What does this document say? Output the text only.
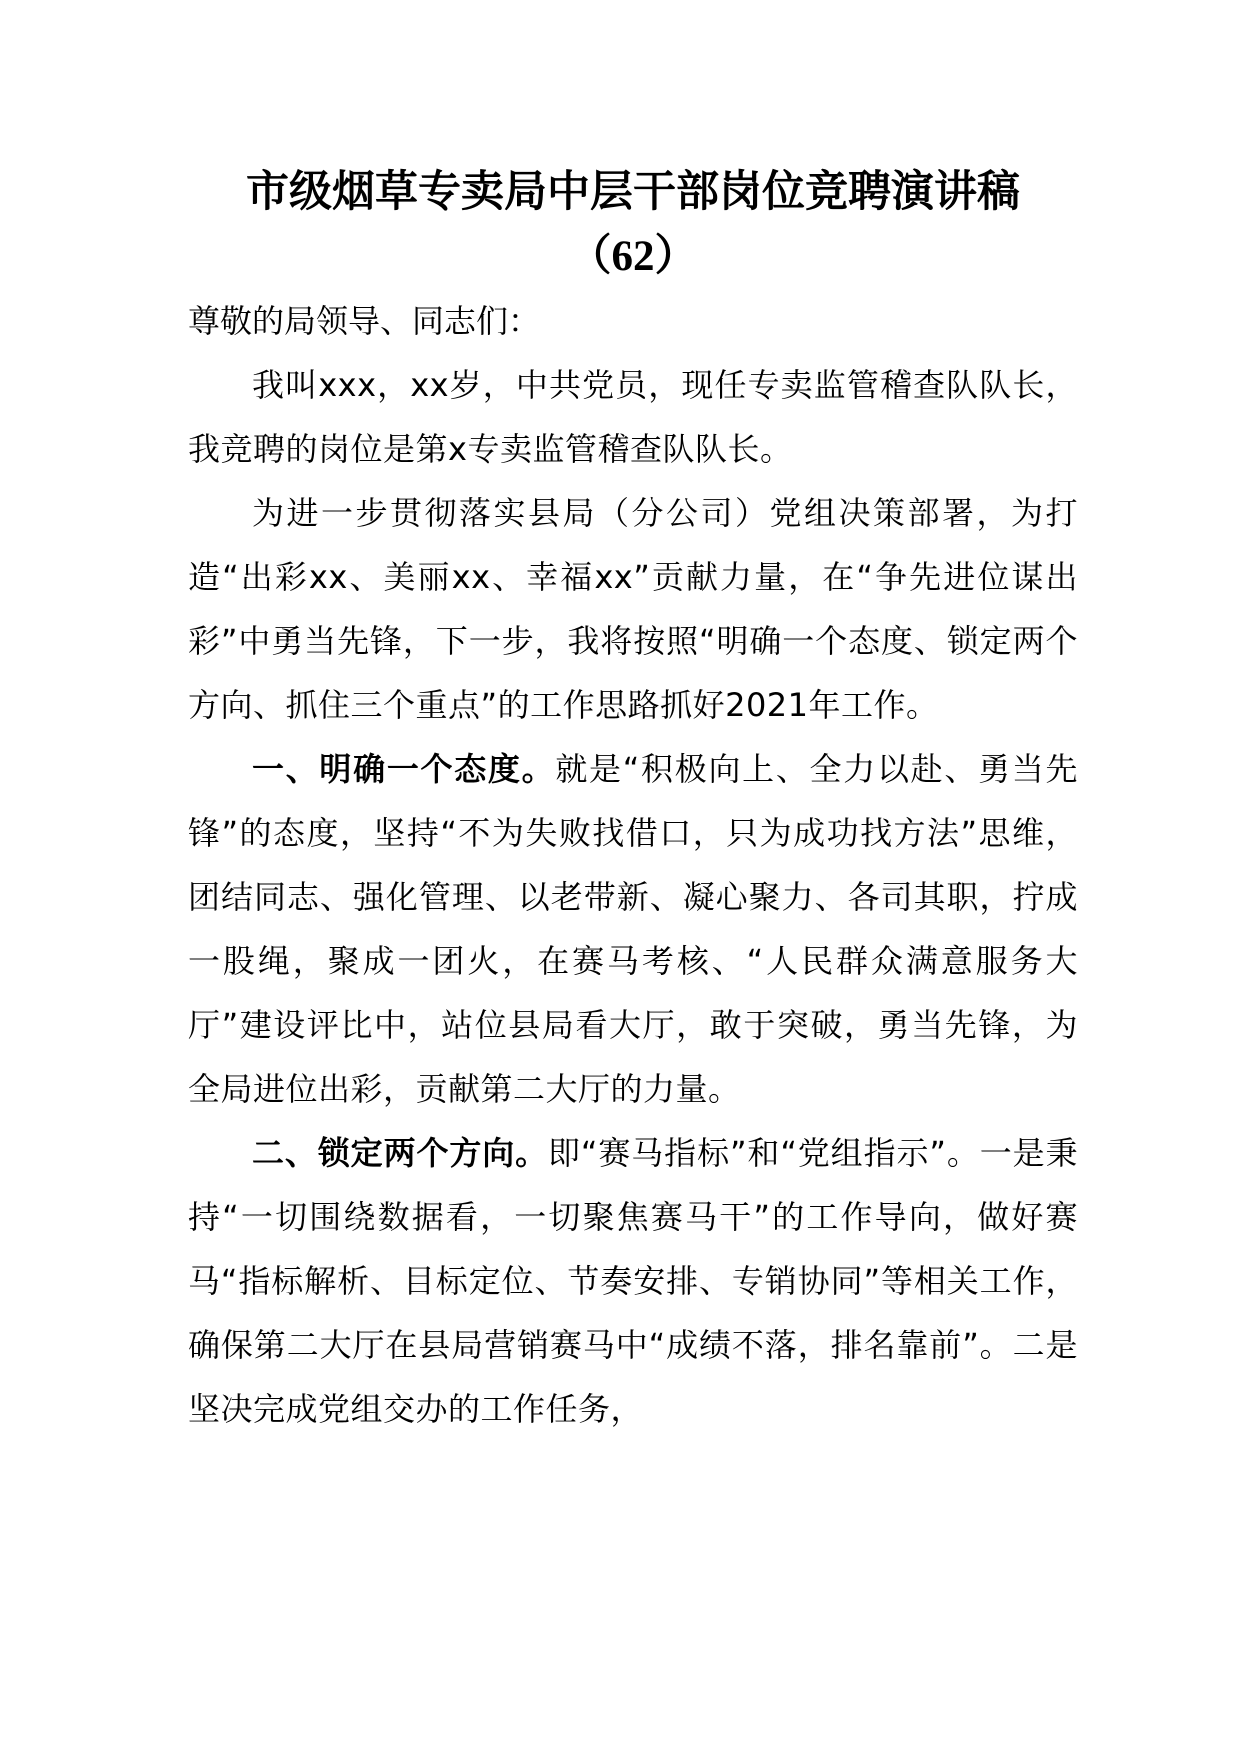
市级烟草专卖局中层干部岗位竞聘演讲稿
（62）

尊敬的局领导、同志们：

我叫xxx，xx岁，中共党员，现任专卖监管稽查队队长，我竞聘的岗位是第x专卖监管稽查队队长。

为进一步贯彻落实县局（分公司）党组决策部署，为打造“出彩xx、美丽xx、幸福xx”贡献力量，在“争先进位谋出彩”中勇当先锋，下一步，我将按照“明确一个态度、锁定两个方向、抓住三个重点”的工作思路抓好2021年工作。

一、明确一个态度。就是“积极向上、全力以赴、勇当先锋”的态度，坚持“不为失败找借口，只为成功找方法”思维，团结同志、强化管理、以老带新、凝心聚力、各司其职，拧成一股绳，聚成一团火，在赛马考核、“人民群众满意服务大厅”建设评比中，站位县局看大厅，敢于突破，勇当先锋，为全局进位出彩，贡献第二大厅的力量。

二、锁定两个方向。即“赛马指标”和“党组指示”。一是秉持“一切围绕数据看，一切聚焦赛马干”的工作导向，做好赛马“指标解析、目标定位、节奏安排、专销协同”等相关工作，确保第二大厅在县局营销赛马中“成绩不落，排名靠前”。二是坚决完成党组交办的工作任务，
